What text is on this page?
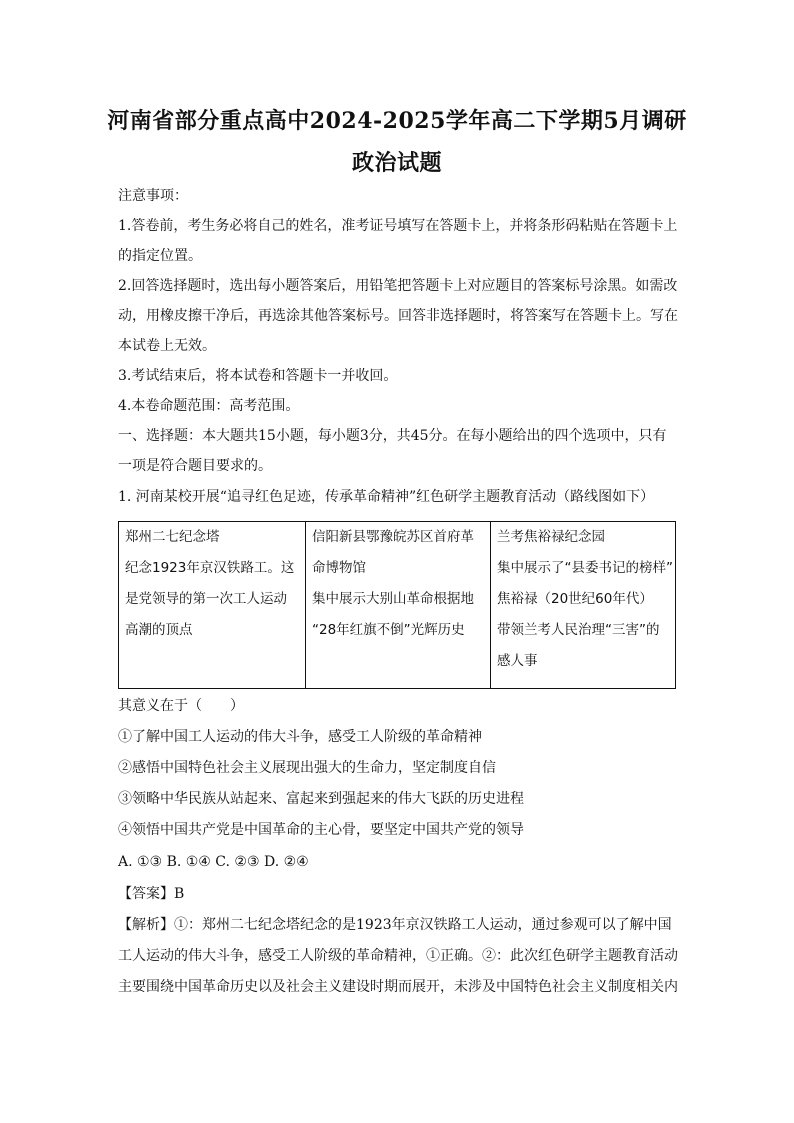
河南省部分重点高中2024-2025学年高二下学期5月调研
政治试题
注意事项：
1.答卷前，考生务必将自己的姓名，准考证号填写在答题卡上，并将条形码粘贴在答题卡上
的指定位置。
2.回答选择题时，选出每小题答案后，用铅笔把答题卡上对应题目的答案标号涂黑。如需改
动，用橡皮擦干净后，再选涂其他答案标号。回答非选择题时，将答案写在答题卡上。写在
本试卷上无效。
3.考试结束后，将本试卷和答题卡一并收回。
4.本卷命题范围：高考范围。
一、选择题：本大题共15小题，每小题3分，共45分。在每小题给出的四个选项中，只有
一项是符合题目要求的。
1. 河南某校开展“追寻红色足迹，传承革命精神”红色研学主题教育活动（路线图如下）
郑州二七纪念塔
纪念1923年京汉铁路工。这
是党领导的第一次工人运动
高潮的顶点

信阳新县鄂豫皖苏区首府革
命博物馆
集中展示大别山革命根据地
“28年红旗不倒”光辉历史

兰考焦裕禄纪念园
集中展示了“县委书记的榜样”
焦裕禄（20世纪60年代）
带领兰考人民治理“三害”的
感人事
其意义在于（　　）
①了解中国工人运动的伟大斗争，感受工人阶级的革命精神
②感悟中国特色社会主义展现出强大的生命力，坚定制度自信
③领略中华民族从站起来、富起来到强起来的伟大飞跃的历史进程
④领悟中国共产党是中国革命的主心骨，要坚定中国共产党的领导
A. ①③ B. ①④ C. ②③ D. ②④
【答案】B
【解析】①：郑州二七纪念塔纪念的是1923年京汉铁路工人运动，通过参观可以了解中国
工人运动的伟大斗争，感受工人阶级的革命精神，①正确。②：此次红色研学主题教育活动
主要围绕中国革命历史以及社会主义建设时期而展开，未涉及中国特色社会主义制度相关内
